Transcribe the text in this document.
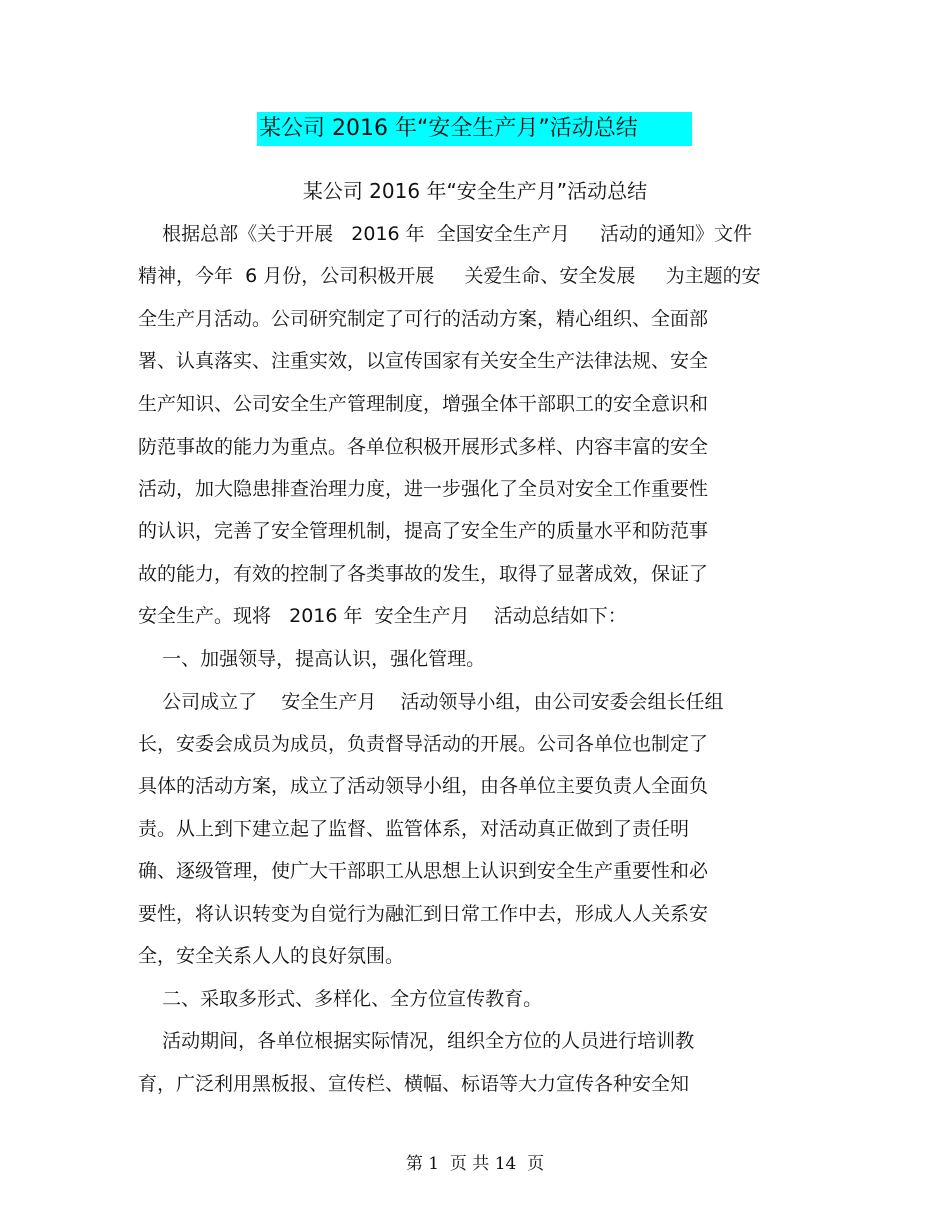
某公司 2016 年“安全生产月”活动总结
某公司 2016 年“安全生产月”活动总结
根据总部《关于开展   2016 年  全国安全生产月     活动的通知》文件
精神，今年  6 月份，公司积极开展     关爱生命、安全发展     为主题的安
全生产月活动。公司研究制定了可行的活动方案，精心组织、全面部
署、认真落实、注重实效，以宣传国家有关安全生产法律法规、安全
生产知识、公司安全生产管理制度，增强全体干部职工的安全意识和
防范事故的能力为重点。各单位积极开展形式多样、内容丰富的安全
活动，加大隐患排查治理力度，进一步强化了全员对安全工作重要性
的认识，完善了安全管理机制，提高了安全生产的质量水平和防范事
故的能力，有效的控制了各类事故的发生，取得了显著成效，保证了
安全生产。现将   2016 年  安全生产月    活动总结如下：
一、加强领导，提高认识，强化管理。
公司成立了    安全生产月    活动领导小组，由公司安委会组长任组
长，安委会成员为成员，负责督导活动的开展。公司各单位也制定了
具体的活动方案，成立了活动领导小组，由各单位主要负责人全面负
责。从上到下建立起了监督、监管体系，对活动真正做到了责任明
确、逐级管理，使广大干部职工从思想上认识到安全生产重要性和必
要性，将认识转变为自觉行为融汇到日常工作中去，形成人人关系安
全，安全关系人人的良好氛围。
二、采取多形式、多样化、全方位宣传教育。
活动期间，各单位根据实际情况，组织全方位的人员进行培训教
育，广泛利用黑板报、宣传栏、横幅、标语等大力宣传各种安全知
第 1  页 共 14  页
